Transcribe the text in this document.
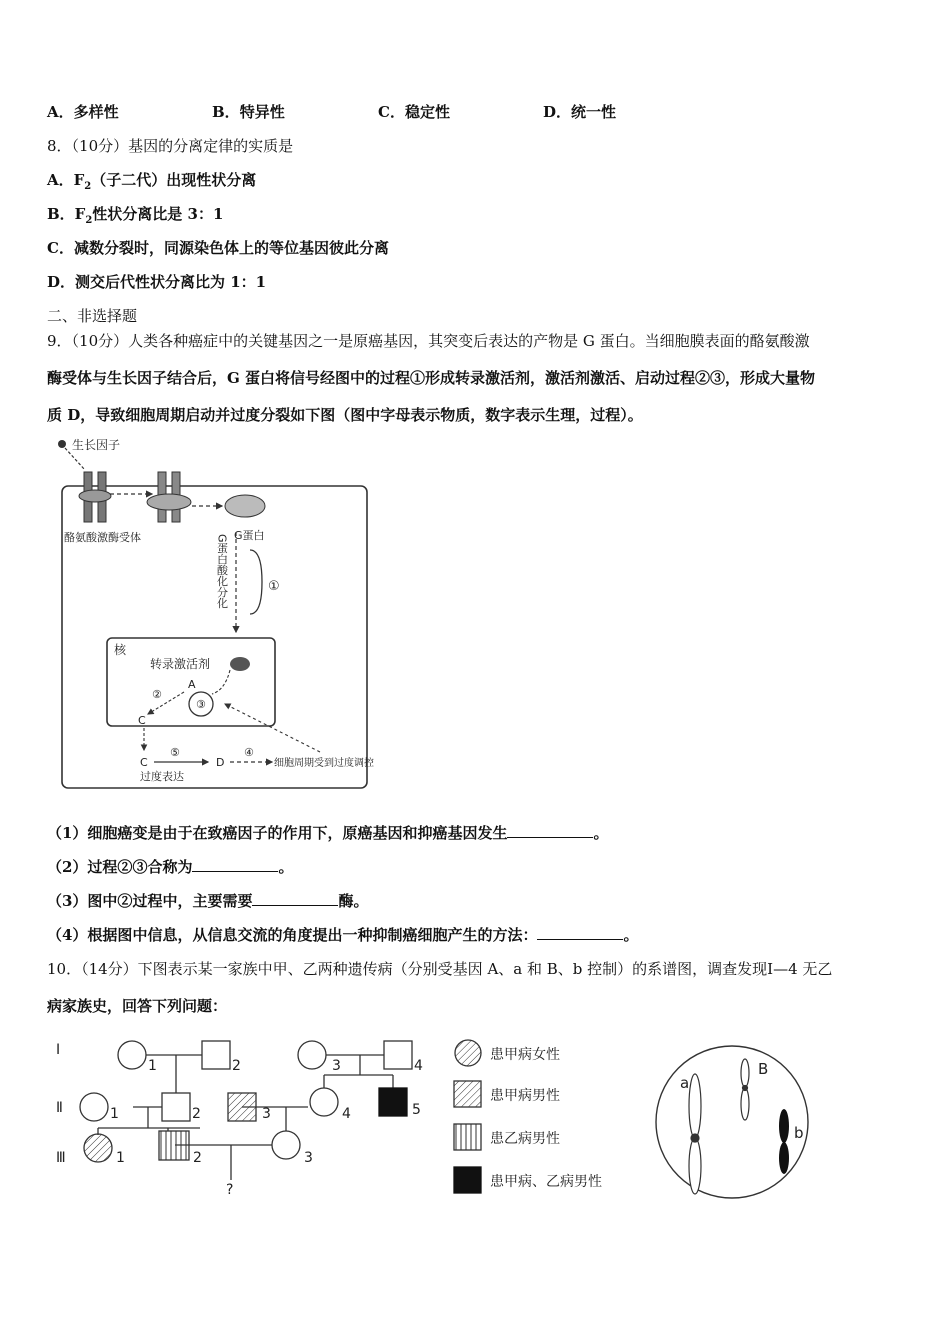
A．多样性	B．特异性	C．稳定性	D．统一性
8．（10分）基因的分离定律的实质是
A．$F_2$（子二代）出现性状分离
B．$F_2$性状分离比是 3：1
C．减数分裂时，同源染色体上的等位基因彼此分离
D．测交后代性状分离比为 1：1
二、非选择题
9．（10分）人类各种癌症中的关键基因之一是原癌基因，其突变后表达的产物是 G 蛋白。当细胞膜表面的酪氨酸激
酶受体与生长因子结合后，G 蛋白将信号经图中的过程①形成转录激活剂，激活剂激活、启动过程②③，形成大量物
质 D，导致细胞周期启动并过度分裂如下图（图中字母表示物质，数字表示生理，过程）。
生长因子
G蛋白
酪氨酸激酶受体	G蛋白酸化分化	①
核
转录激活剂
A
③
②
C
C
⑤
过度表达
D
④
细胞周期受到过度调控
（1）细胞癌变是由于在致癌因子的作用下，原癌基因和抑癌基因发生	。
（2）过程②③合称为	。
（3）图中②过程中，主要需要	酶。
（4）根据图中信息，从信息交流的角度提出一种抑制癌细胞产生的方法：	。
10．（14分）下图表示某一家族中甲、乙两种遗传病（分别受基因 A、a 和 B、b 控制）的系谱图，调查发现Ⅰ—4 无乙
病家族史，回答下列问题：
Ⅰ
Ⅱ
Ⅲ
1	2	3	4
1	2	3	4	5
1	2	3
?
患甲病女性
患甲病男性
患乙病男性
患甲病、乙病男性
a
B
b
